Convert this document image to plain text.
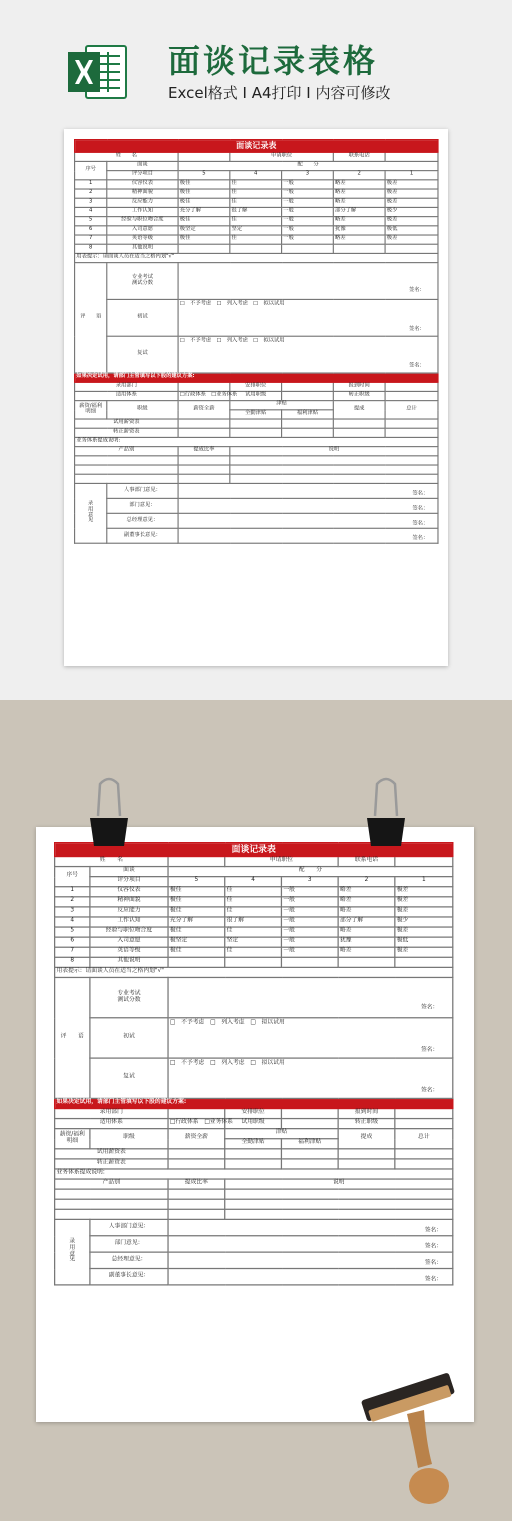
面谈记录表格
Excel格式 I A4打印 I 内容可修改
面谈记录表						
姓　　名			申请职位		联系电话	
序号	面谈	配　　分				
	评分项目	5	4	3	2	1
1	仪容仪表	极佳	佳	一般	略差	极差
2	精神面貌	极佳	佳	一般	略差	极差
3	反应能力	极佳	佳	一般	略差	极差
4	工作认知	充分了解	很了解	一般	部分了解	极少
5	经验与职位吻合度	极佳	佳	一般	略差	极差
6	入司意愿	极坚定	坚定	一般	犹豫	极低
7	英语等级	极佳	佳	一般	略差	极差
8	其他说明					
用表提示：请面谈人员在适当之格内划"√"						
评　　语	专业考试
测试分数	签名：				

	初试	□　不予考虑　□　列入考虑　□　拟以试用
签名：				

	复试	□　不予考虑　□　列入考虑　□　拟以试用
签名：				

如果决定试用，请部门主管填写以下股的建议方案:						
录用部门			安排职位		报到时间	
适用体系		□行政体系　□业务体系	试用职级		转正职级	
薪资/福利
明细	职级	薪资全薪	津贴		提成	总计
			全勤津贴	福利津贴		
试用薪资表						
转正薪资表						
业务体系提成说明:						
产品别		提成比率	说明			

录
用
意
见	人事部门意见：	签名：				
	部门意见：	签名：				
	总经理意见：	签名：				
	副董事长意见：	签名：				
面谈记录表						
姓　　名			申请职位		联系电话	
序号	面谈	配　　分				
	评分项目	5	4	3	2	1
1	仪容仪表	极佳	佳	一般	略差	极差
2	精神面貌	极佳	佳	一般	略差	极差
3	反应能力	极佳	佳	一般	略差	极差
4	工作认知	充分了解	很了解	一般	部分了解	极少
5	经验与职位吻合度	极佳	佳	一般	略差	极差
6	入司意愿	极坚定	坚定	一般	犹豫	极低
7	英语等级	极佳	佳	一般	略差	极差
8	其他说明					
用表提示：请面谈人员在适当之格内划"√"						
评　　语	专业考试
测试分数	签名：				

	初试	□　不予考虑　□　列入考虑　□　拟以试用
签名：				

	复试	□　不予考虑　□　列入考虑　□　拟以试用
签名：				

如果决定试用，请部门主管填写以下股的建议方案:						
录用部门			安排职位		报到时间	
适用体系		□行政体系　□业务体系	试用职级		转正职级	
薪资/福利
明细	职级	薪资全薪	津贴		提成	总计
			全勤津贴	福利津贴		
试用薪资表						
转正薪资表						
业务体系提成说明:						
产品别		提成比率	说明			

录
用
意
见	人事部门意见：	签名：				
	部门意见：	签名：				
	总经理意见：	签名：				
	副董事长意见：	签名：				
